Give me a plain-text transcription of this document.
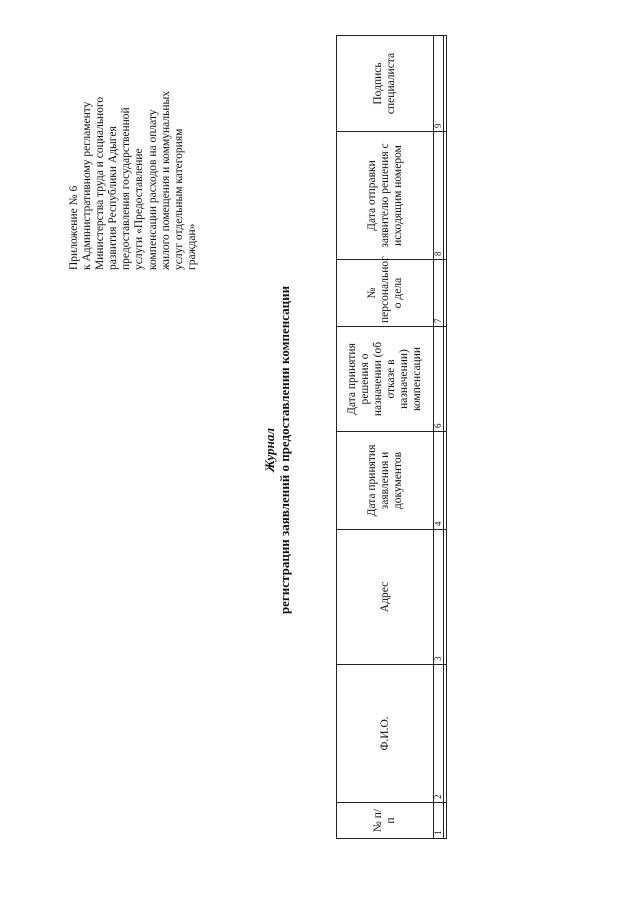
Приложение № 6 к Административному регламенту Министерства труда и социального развития Республики Адыгея предоставления государственной услуги «Предоставление компенсации расходов на оплату жилого помещения и коммунальных услуг отдельным категориям граждан»
Журнал регистрации заявлений о предоставлении компенсации
№ п/п	Ф.И.О.	Адрес	Дата принятия заявления и документов	Дата принятия решения о назначении (об отказе в назначении) компенсации	№ персональног о дела	Дата отправки заявителю решения с исходящим номером	Подпись специалиста
1	2	3	4	6	7	8	9
